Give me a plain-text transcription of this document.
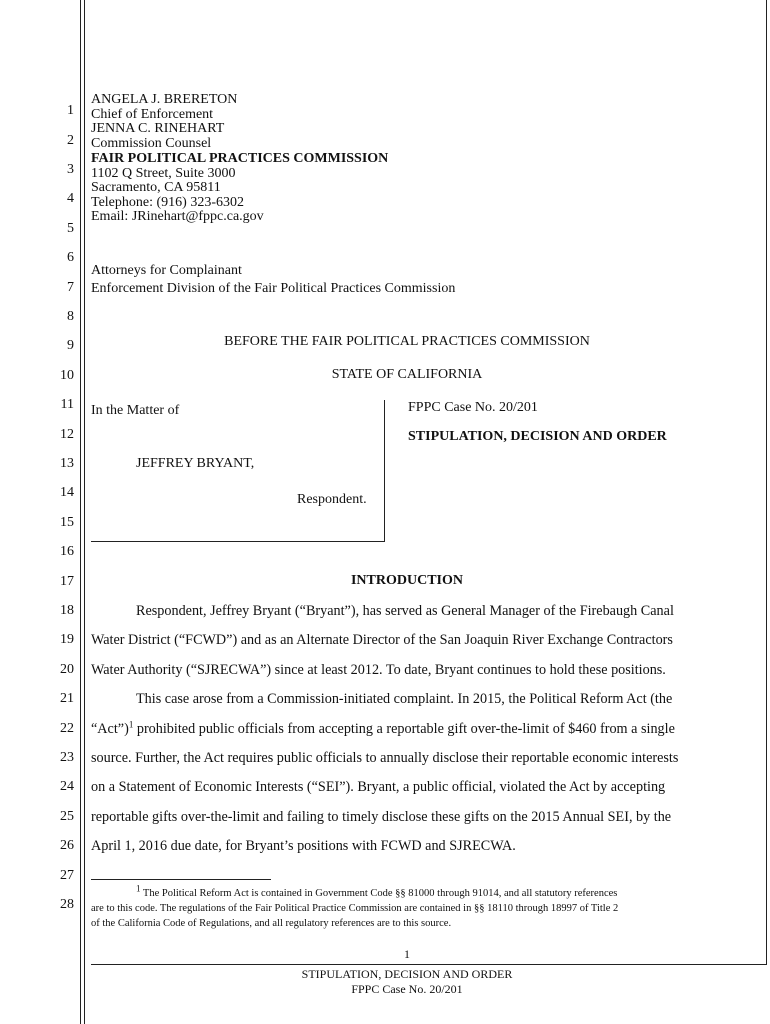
1
2
3
4
5
6
7
8
9
10
11
12
13
14
15
16
17
18
19
20
21
22
23
24
25
26
27
28
ANGELA J. BRERETON
Chief of Enforcement
JENNA C. RINEHART
Commission Counsel
FAIR POLITICAL PRACTICES COMMISSION
1102 Q Street, Suite 3000
Sacramento, CA 95811
Telephone: (916) 323-6302
Email: JRinehart@fppc.ca.gov
Attorneys for Complainant
Enforcement Division of the Fair Political Practices Commission
BEFORE THE FAIR POLITICAL PRACTICES COMMISSION
STATE OF CALIFORNIA
In the Matter of
JEFFREY BRYANT,
Respondent.
FPPC Case No. 20/201
STIPULATION, DECISION AND ORDER
INTRODUCTION
Respondent, Jeffrey Bryant (“Bryant”), has served as General Manager of the Firebaugh Canal
Water District (“FCWD”) and as an Alternate Director of the San Joaquin River Exchange Contractors
Water Authority (“SJRECWA”) since at least 2012. To date, Bryant continues to hold these positions.
This case arose from a Commission-initiated complaint. In 2015, the Political Reform Act (the
“Act”)$^1$ prohibited public officials from accepting a reportable gift over-the-limit of $460 from a single
source. Further, the Act requires public officials to annually disclose their reportable economic interests
on a Statement of Economic Interests (“SEI”). Bryant, a public official, violated the Act by accepting
reportable gifts over-the-limit and failing to timely disclose these gifts on the 2015 Annual SEI, by the
April 1, 2016 due date, for Bryant’s positions with FCWD and SJRECWA.

$^1$ The Political Reform Act is contained in Government Code §§ 81000 through 91014, and all statutory references

are to this code. The regulations of the Fair Political Practice Commission are contained in §§ 18110 through 18997 of Title 2

of the California Code of Regulations, and all regulatory references are to this source.

1
STIPULATION, DECISION AND ORDER
FPPC Case No. 20/201
